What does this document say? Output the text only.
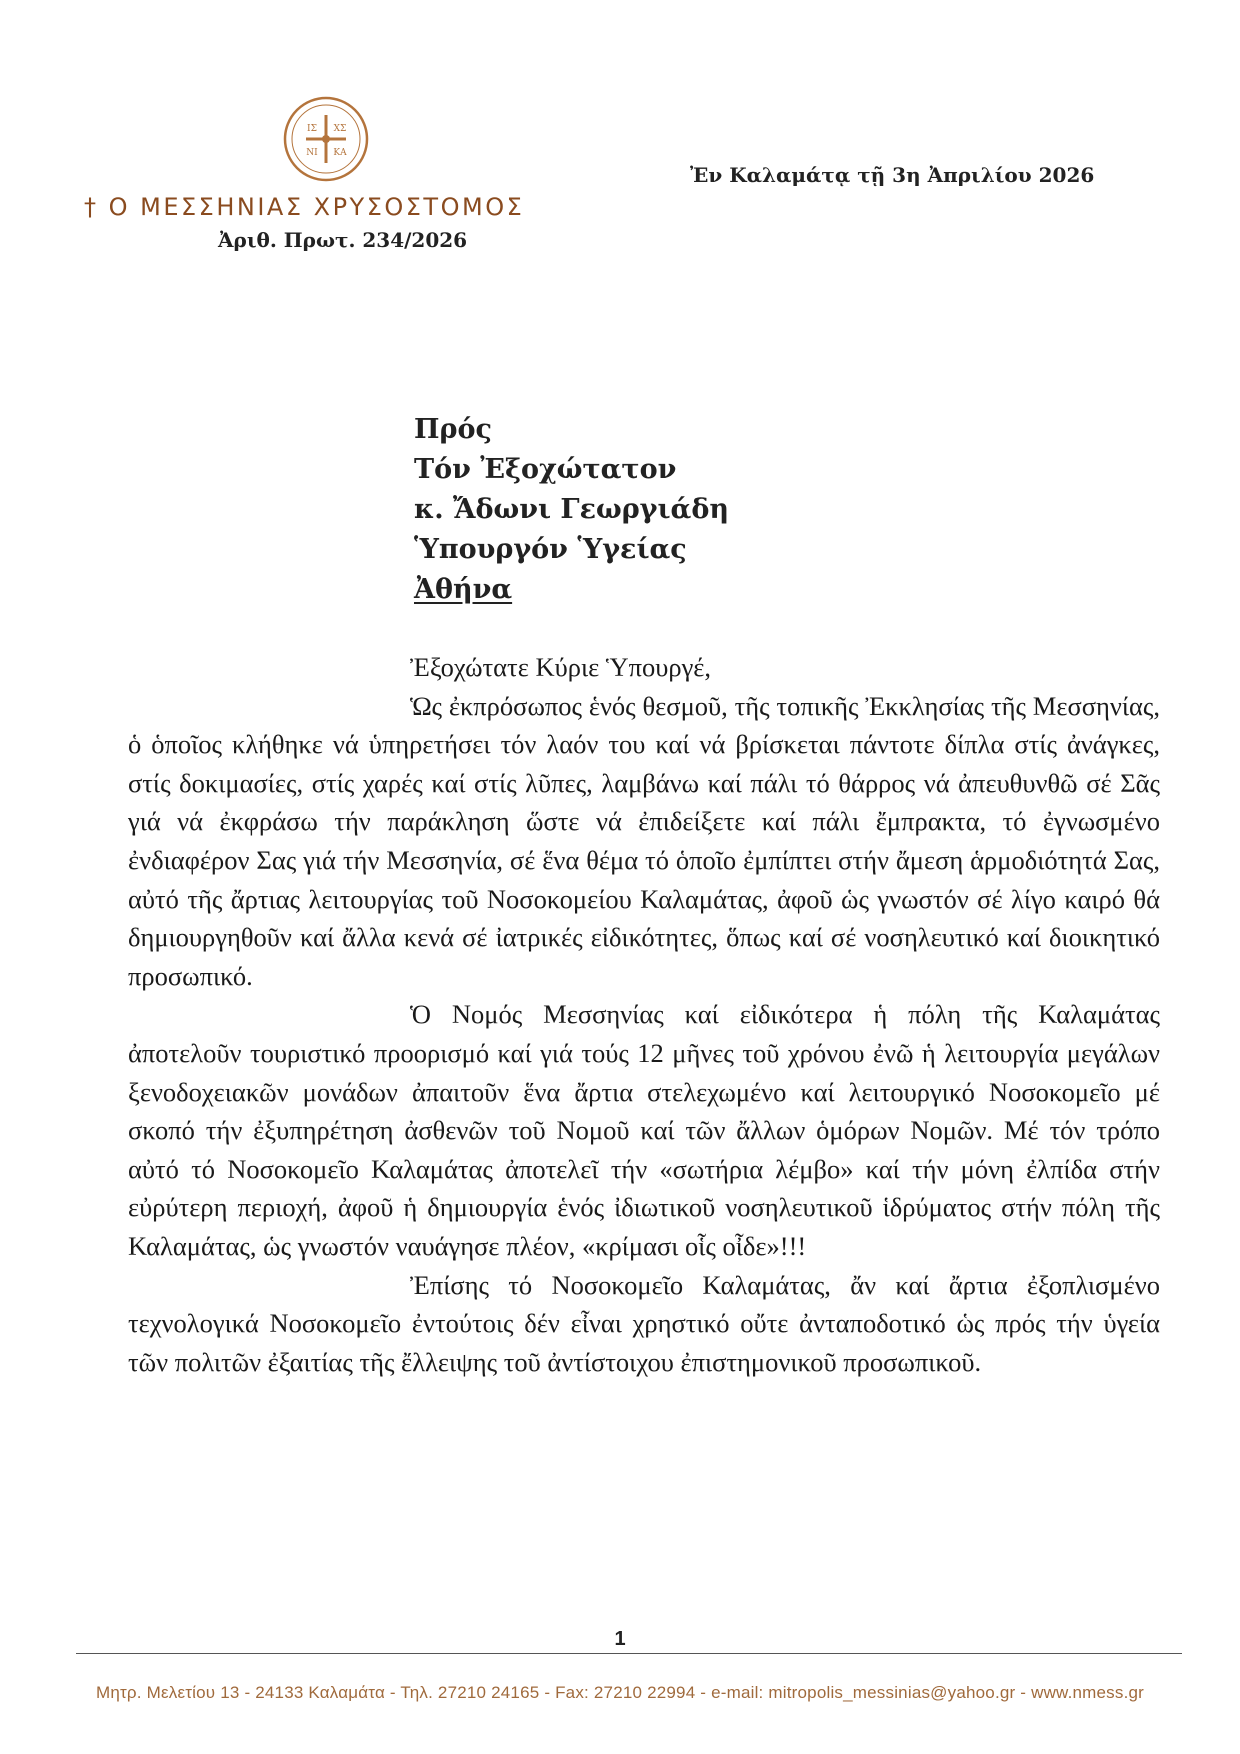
ΙΣ ΧΣ
ΝΙ ΚΑ
† Ο ΜΕΣΣΗΝΙΑΣ ΧΡΥΣΟΣΤΟΜΟΣ
Ἀριθ. Πρωτ. 234/2026
Ἐν Καλαμάτᾳ τῇ 3η Ἀπριλίου 2026
Πρός
Τόν Ἐξοχώτατον
κ. Ἄδωνι Γεωργιάδη
Ὑπουργόν Ὑγείας
Ἀθήνα

Ἐξοχώτατε Κύριε Ὑπουργέ,

Ὡς ἐκπρόσωπος ἑνός θεσμοῦ, τῆς τοπικῆς Ἐκκλησίας τῆς Μεσσηνίας, ὁ ὁποῖος κλήθηκε νά ὑπηρετήσει τόν λαόν του καί νά βρίσκεται πάντοτε δίπλα στίς ἀνάγκες, στίς δοκιμασίες, στίς χαρές καί στίς λῦπες, λαμβάνω καί πάλι τό θάρρος νά ἀπευθυνθῶ σέ Σᾶς γιά νά ἐκφράσω τήν παράκληση ὥστε νά ἐπιδείξετε καί πάλι ἔμπρακτα, τό ἐγνωσμένο ἐνδιαφέρον Σας γιά τήν Μεσσηνία, σέ ἕνα θέμα τό ὁποῖο ἐμπίπτει στήν ἄμεση ἁρμοδιότητά Σας, αὐτό τῆς ἄρτιας λειτουργίας τοῦ Νοσοκομείου Καλαμάτας, ἀφοῦ ὡς γνωστόν σέ λίγο καιρό θά δημιουργηθοῦν καί ἄλλα κενά σέ ἰατρικές εἰδικότητες, ὅπως καί σέ νοσηλευτικό καί διοικητικό προσωπικό.

Ὁ Νομός Μεσσηνίας καί εἰδικότερα ἡ πόλη τῆς Καλαμάτας ἀποτελοῦν τουριστικό προορισμό καί γιά τούς 12 μῆνες τοῦ χρόνου ἐνῶ ἡ λειτουργία μεγάλων ξενοδοχειακῶν μονάδων ἀπαιτοῦν ἕνα ἄρτια στελεχωμένο καί λειτουργικό Νοσοκομεῖο μέ σκοπό τήν ἐξυπηρέτηση ἀσθενῶν τοῦ Νομοῦ καί τῶν ἄλλων ὁμόρων Νομῶν. Μέ τόν τρόπο αὐτό τό Νοσοκομεῖο Καλαμάτας ἀποτελεῖ τήν «σωτήρια λέμβο» καί τήν μόνη ἐλπίδα στήν εὐρύτερη περιοχή, ἀφοῦ ἡ δημιουργία ἑνός ἰδιωτικοῦ νοσηλευτικοῦ ἱδρύματος στήν πόλη τῆς Καλαμάτας, ὡς γνωστόν ναυάγησε πλέον, «κρίμασι οἷς οἶδε»!!!

Ἐπίσης τό Νοσοκομεῖο Καλαμάτας, ἄν καί ἄρτια ἐξοπλισμένο τεχνολογικά Νοσοκομεῖο ἐντούτοις δέν εἶναι χρηστικό οὔτε ἀνταποδοτικό ὡς πρός τήν ὑγεία τῶν πολιτῶν ἐξαιτίας τῆς ἔλλειψης τοῦ ἀντίστοιχου ἐπιστημονικοῦ προσωπικοῦ.

1
Μητρ. Μελετίου 13 - 24133 Καλαμάτα - Τηλ. 27210 24165 - Fax: 27210 22994 - e-mail: mitropolis_messinias@yahoo.gr - www.nmess.gr
